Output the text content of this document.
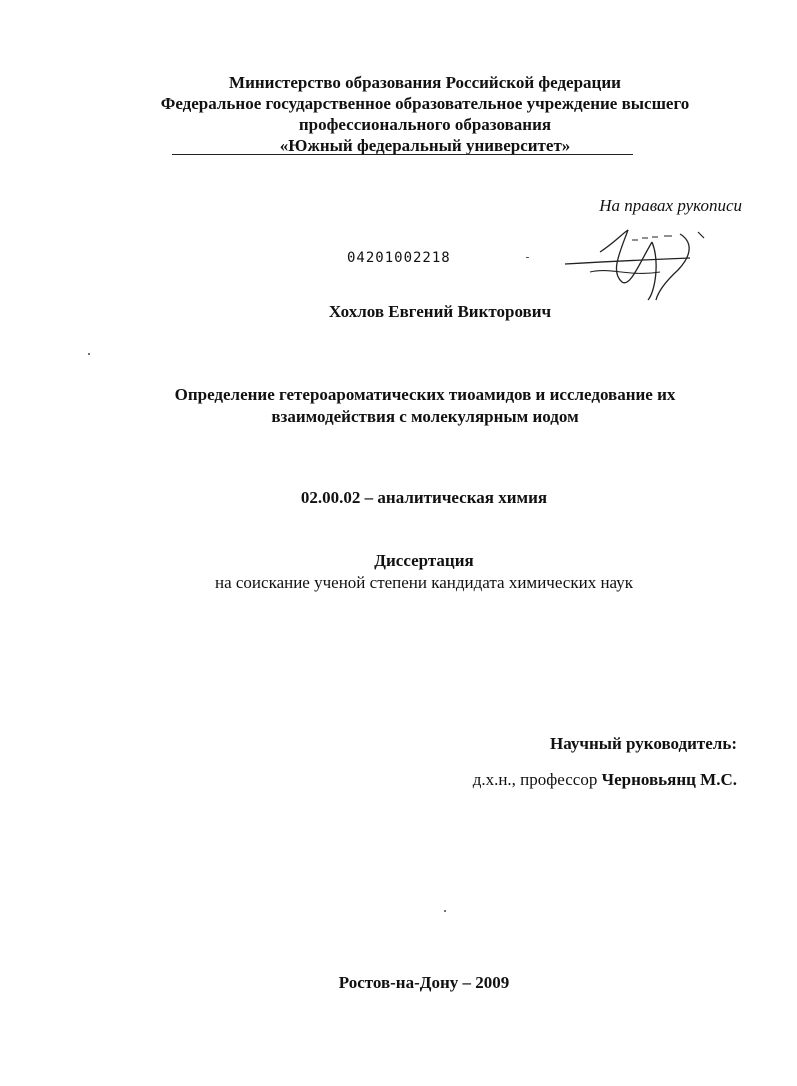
Министерство образования Российской федерации
Федеральное государственное образовательное учреждение высшего
профессионального образования
«Южный федеральный университет»
На правах рукописи
04201002218
Хохлов Евгений Викторович
Определение гетероароматических тиоамидов и исследование их
взаимодействия с молекулярным иодом
02.00.02 – аналитическая химия
Диссертация
на соискание ученой степени кандидата химических наук
Научный руководитель:
д.х.н., профессор Черновьянц М.С.
Ростов-на-Дону – 2009
